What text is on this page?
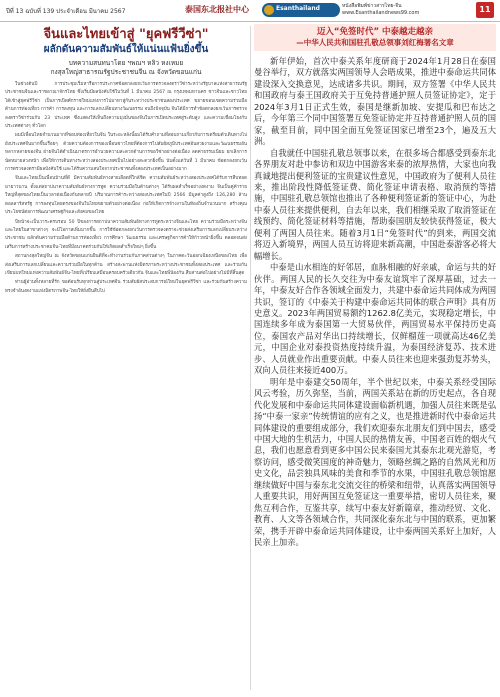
ปีที่ 13 ฉบับที่ 139 ประจำเดือน มีนาคม 2567	泰国东北报社中心	Esanthailand	หนังสือพิมพ์ข่าวสารไทย-จีน
www.Esanthailandnews99.com	11
จีนและไทยเข้าสู่ "ยุคฟรีวีซ่า"
ผลักดันความสัมพันธ์ให้แน่นแฟ้นยิ่งขึ้น
บทความสนทนาโดย ฯพณฯ หลิว หงเหมย
กงสุลใหญ่สาธารณรัฐประชาชนจีน ณ จังหวัดขอนแก่น

ในช่วงต้นปี การประชุมเริ่มหารือการประกาศข้อตกลงยกเว้นการตรวจลงตราวีซ่าระหว่างรัฐบาลแห่งสาธารณรัฐประชาชนจีนและราชอาณาจักรไทย ซึ่งเริ่มมีผลบังคับใช้ในวันที่ 1 มีนาคม 2567 ณ กรุงเทพมหานคร ชาวจีนและชาวไทยได้เข้าสู่ยุคฟรีวีซ่า เป็นการเปิดศักราชใหม่แห่งการไปมาหาสู่กันระหว่างประชาชนสองประเทศ ขยายขอบเขตความร่วมมือด้านการท่องเที่ยว การค้า การลงทุน และการแลกเปลี่ยนทางวัฒนธรรม จนถึงปัจจุบัน จีนได้มีการทำข้อตกลงยกเว้นการตรวจลงตราวีซ่าร่วมกับ 23 ประเทศ ซึ่งแสดงให้เห็นถึงความมุ่งมั่นของจีนในการเปิดประเทศสู่ระดับสูง และความเชื่อมโยงกับประเทศต่างๆ ทั่วโลก

ผมมีเพื่อนไทยจำนวนมากที่ชอบท่องเที่ยวในจีน ในระยะหลังนี้ผมได้รับคำถามที่สอบถามเกี่ยวกับการเตรียมตัวเดินทางไปยังประเทศจีนมากขึ้นเรื่อยๆ ด้วยความต้องการของเพื่อนชาวไทยที่ต้องการไปสัมผัสภูมิประเทศอันสวยงามและวัฒนธรรมอันหลากหลายของจีน ฝ่ายจีนได้ดำเนินมาตรการอำนวยความสะดวกด้านการขอวีซ่าอย่างต่อเนื่อง ลดค่าธรรมเนียม ยกเลิกการนัดหมายล่วงหน้า เพื่อให้การเดินทางระหว่างสองประเทศเป็นไปอย่างสะดวกยิ่งขึ้น นับตั้งแต่วันที่ 1 มีนาคม ข้อตกลงยกเว้นการตรวจลงตรามีผลบังคับใช้ และได้รับความสนใจจากประชาชนทั้งสองประเทศเป็นอย่างมาก

จีนและไทยเป็นเพื่อนบ้านที่ดี มีความสัมพันธ์ทางสายเลือดที่ใกล้ชิด ความสัมพันธ์ระหว่างสองประเทศได้รับการสืบทอดมายาวนาน ตั้งแต่สถาปนาความสัมพันธ์ทางการทูต ความร่วมมือในด้านต่างๆ ได้รับผลสำเร็จอย่างงดงาม จีนเป็นคู่ค้ารายใหญ่ที่สุดของไทยเป็นเวลาต่อเนื่องกันหลายปี ปริมาณการค้าระหว่างสองประเทศในปี 2566 มีมูลค่าสูงถึง 126,280 ล้านดอลลาร์สหรัฐ การลงทุนโดยตรงของจีนในไทยขยายตัวอย่างต่อเนื่อง ก่อให้เกิดการจ้างงานในท้องถิ่นจำนวนมาก สร้างคุณประโยชน์ต่อการพัฒนาเศรษฐกิจและสังคมของไทย

ปีหน้าจะเป็นวาระครบรอบ 50 ปีของการสถาปนาความสัมพันธ์ทางการทูตระหว่างจีนและไทย ความร่วมมือระหว่างจีนและไทยในสาขาต่างๆ จะมีโอกาสเพิ่มมากขึ้น การใช้ข้อตกลงยกเว้นการตรวจลงตราจะช่วยส่งเสริมการแลกเปลี่ยนระหว่างประชาชน ผลักดันความร่วมมือด้านการท่องเที่ยว การศึกษา วัฒนธรรม และเศรษฐกิจการค้าให้ก้าวหน้ายิ่งขึ้น ตลอดจนส่งเสริมการสร้างประชาคมจีน-ไทยที่มีอนาคตร่วมกันให้เกิดผลสำเร็จใหม่ๆ ยิ่งขึ้น

สถานกงสุลใหญ่จีน ณ จังหวัดขอนแก่นยินดีที่จะทำงานร่วมกับภาคส่วนต่างๆ ในภาคตะวันออกเฉียงเหนือของไทย เพื่อส่งเสริมการแลกเปลี่ยนและความร่วมมือในทุกด้าน สร้างสะพานแห่งมิตรภาพระหว่างประชาชนทั้งสองประเทศ และร่วมกันเขียนบทใหม่แห่งความสัมพันธ์จีน-ไทยที่เปรียบเสมือนครอบครัวเดียวกัน จีนและไทยพี่น้องกัน สืบสานต่อไปอย่างไม่มีที่สิ้นสุด

ท่านผู้อ่านทั้งหลายที่รัก ขอต้อนรับทุกท่านสู่ประเทศจีน ร่วมสัมผัสประสบการณ์ใหม่ในยุคฟรีวีซ่า และร่วมกันสร้างความทรงจำอันงดงามแห่งมิตรภาพจีน-ไทยให้ยั่งยืนสืบไป

迈入“免签时代” 中泰越走越亲
—中华人民共和国驻孔敬总领事刘红梅署名文章

新年伊始，首次中泰关系年度研商于2024年1月28日在泰国曼谷举行，双方就落实两国领导人会晤成果，推进中泰命运共同体建设深入交换意见，达成诸多共识。期间，双方签署《中华人民共和国政府与泰王国政府关于互免持普通护照人员签证协定》，定于2024年3月1日正式生效，泰国是继新加坡、安提瓜和巴布达之后，今年第三个同中国签署互免签证协定并互持普通护照人员的国家，截至目前，同中国全面互免签证国家已增至23个，遍及五大洲。

自我就任中国驻孔敬总领事以来，在很多场合都感受到泰东北各界朋友对赴中参访和双边中国游客来泰的浓厚热情，大家也向我真诚地提出便利签证的宝贵建议性意见，中国政府为了便利人员往来，推出阶段性降低签证费、简化签证申请表格、取消预约等措施，中国驻孔敬总领馆也推出了各种便利签证新的签证中心，为赴中泰人员往来提供便利，自去年以来，我们相继采取了取消签证在线预约、简化签证材料等措施，帮助泰国朋友较快获得签证，极大便利了两国人员往来。随着3月1日“免签时代”的到来，两国交流将迈入新境界，两国人员互访将迎来新高潮，中国赴泰游客必将大幅增长。

中泰是山水相连的好邻居，血脉相融的好亲戚，命运与共的好伙伴。两国人民的长久交往为中泰友谊筑牢了深厚基础，过去一年，中泰友好合作各领域全面发力，共建中泰命运共同体成为两国共识，签订的《中泰关于构建中泰命运共同体的联合声明》具有历史意义。2023年两国贸易额约1262.8亿美元，实现稳定增长，中国连续多年成为泰国第一大贸易伙伴，两国贸易水平保持历史高位，泰国农产品对华出口持续增长，仅鲜榴莲一项就高达46亿美元，中国企业对泰投资热度持续升温，为泰国经济复苏、技术进步、人员就业作出重要贡献。中泰人员往来也迎来强劲复苏势头，双向人员往来接近400万。

明年是中泰建交50周年，半个世纪以来，中泰关系经受国际风云考验，历久弥坚，当前，两国关系站在新的历史起点，各自现代化发展和中泰命运共同体建设面临新机遇，加强人员往来既是弘扬“中泰一家亲”传统情谊的应有之义，也是推进新时代中泰命运共同体建设的重要组成部分，我们欢迎泰东北朋友们到中国去，感受中国大地的生机活力，中国人民的热情友善，中国老百姓的烟火气息，我们也愿意看到更多中国公民来泰国尤其泰东北观光游览，考察访问，感受微笑国度的神奇魅力，领略丝绸之路的自然风光和历史文化，品尝独具风味的美食和季节的水果，中国驻孔敬总领馆愿继续做好中国与泰东北交流交往的桥梁和纽带，认真落实两国领导人重要共识，用好两国互免签证这一重要举措，密切人员往来，聚焦互利合作，互鉴共享，续写中泰友好新篇章，推动经贸、文化、教育、人文等各领域合作，共同深化泰东北与中国的联系，更加繁荣，携手开辟中泰命运共同体建设，让中泰两国关系好上加好，人民亲上加亲。
